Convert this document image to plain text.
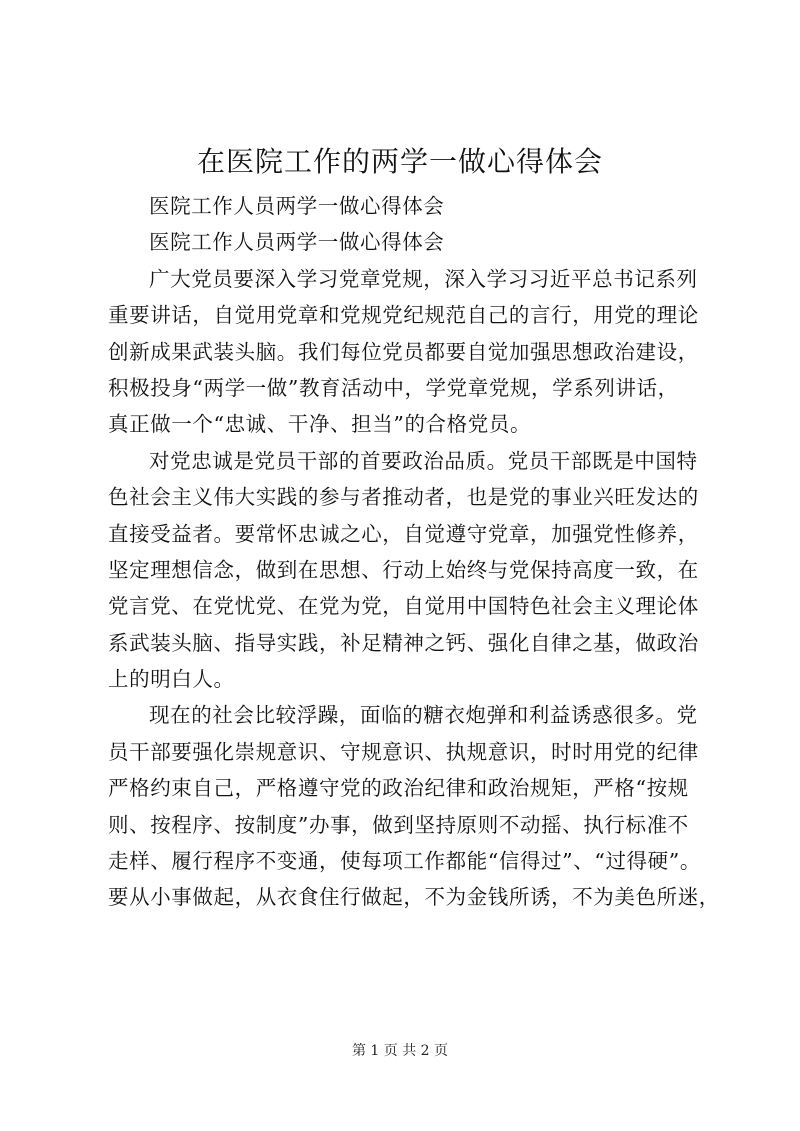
在医院工作的两学一做心得体会
医院工作人员两学一做心得体会
医院工作人员两学一做心得体会
广大党员要深入学习党章党规，深入学习习近平总书记系列
重要讲话，自觉用党章和党规党纪规范自己的言行，用党的理论
创新成果武装头脑。我们每位党员都要自觉加强思想政治建设，
积极投身“两学一做”教育活动中，学党章党规，学系列讲话，
真正做一个“忠诚、干净、担当”的合格党员。
对党忠诚是党员干部的首要政治品质。党员干部既是中国特
色社会主义伟大实践的参与者推动者，也是党的事业兴旺发达的
直接受益者。要常怀忠诚之心，自觉遵守党章，加强党性修养，
坚定理想信念，做到在思想、行动上始终与党保持高度一致，在
党言党、在党忧党、在党为党，自觉用中国特色社会主义理论体
系武装头脑、指导实践，补足精神之钙、强化自律之基，做政治
上的明白人。
现在的社会比较浮躁，面临的糖衣炮弹和利益诱惑很多。党
员干部要强化崇规意识、守规意识、执规意识，时时用党的纪律
严格约束自己，严格遵守党的政治纪律和政治规矩，严格“按规
则、按程序、按制度”办事，做到坚持原则不动摇、执行标准不
走样、履行程序不变通，使每项工作都能“信得过”、“过得硬”。
要从小事做起，从衣食住行做起，不为金钱所诱，不为美色所迷，
第 1 页 共 2 页
